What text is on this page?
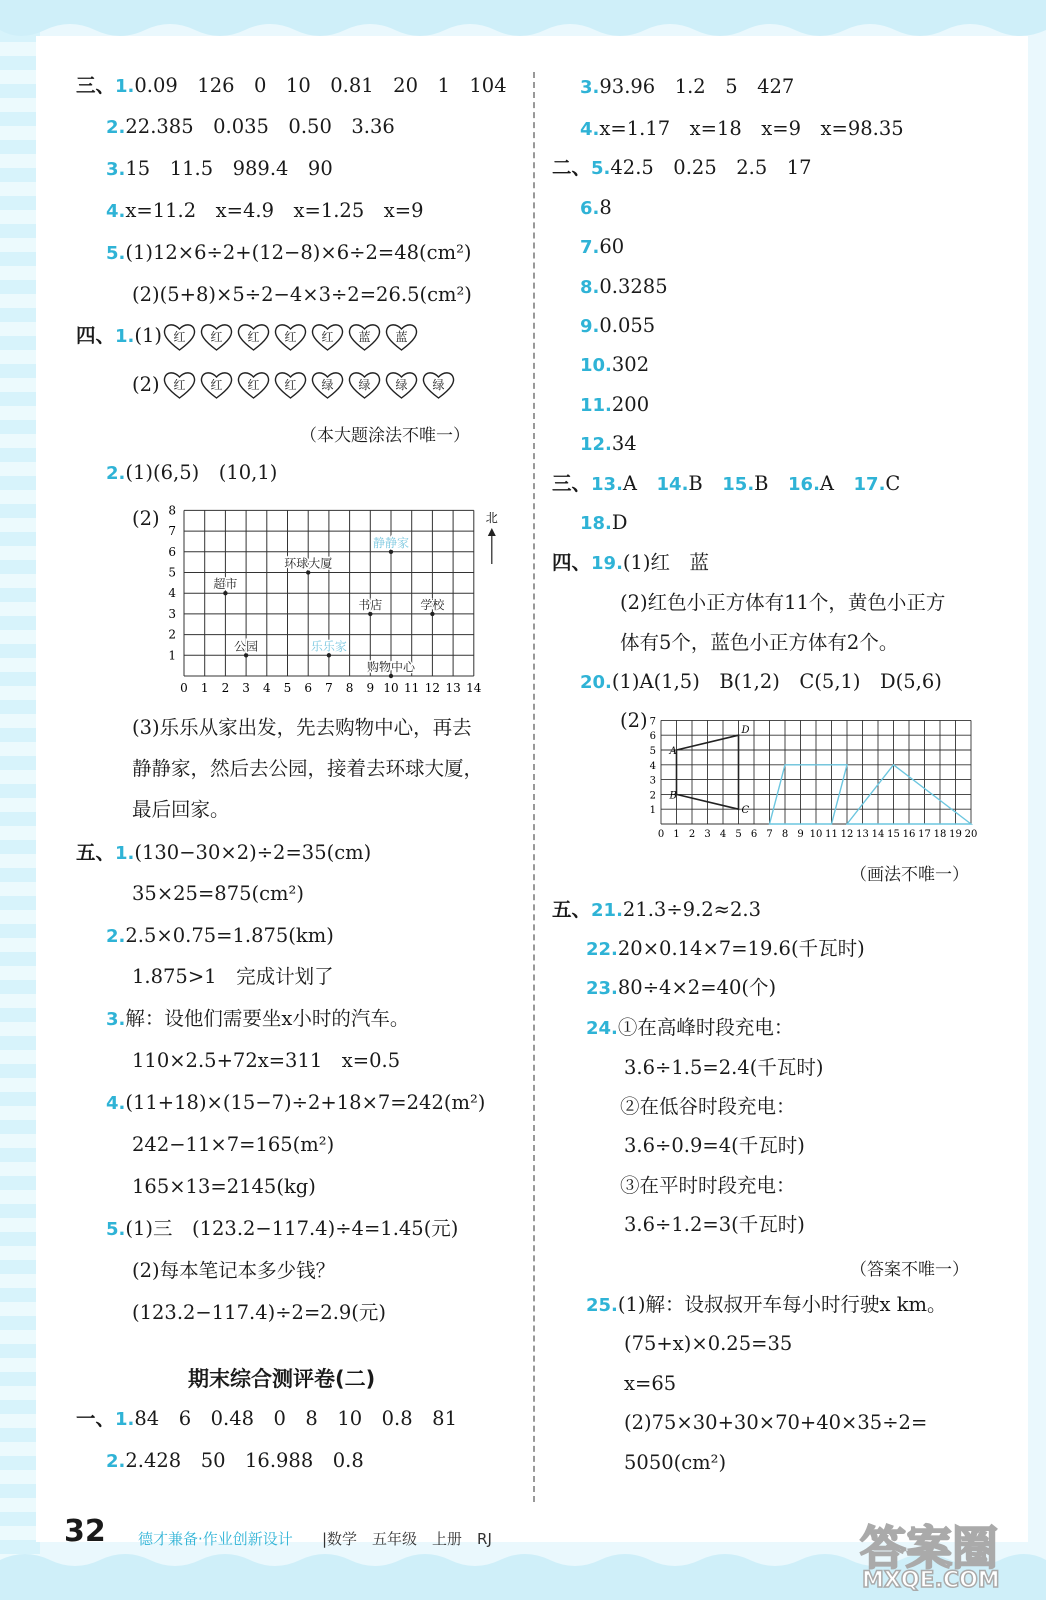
三、1.0.09　126　0　10　0.81　20　1　104
2.22.385　0.035　0.50　3.36
3.15　11.5　989.4　90
4.x=11.2　x=4.9　x=1.25　x=9
5.(1)12×6÷2+(12−8)×6÷2=48(cm²)
(2)(5+8)×5÷2−4×3÷2=26.5(cm²)
四、1.(1) 红	红	红	红	红	蓝	蓝
(2)	红	红	红	红	绿	绿	绿	绿
（本大题涂法不唯一）
2.(1)(6,5)　(10,1)
(2)
0 1 2 3 4 5 6 7 8 9 10 11 12 13 14
1
2
3
4
5
6
7
8
环球大厦
静静家
超市
书店	学校
公园	乐乐家
购物中心
北
(3)乐乐从家出发，先去购物中心，再去
静静家，然后去公园，接着去环球大厦，
最后回家。
五、1.(130−30×2)÷2=35(cm)
35×25=875(cm²)
2.2.5×0.75=1.875(km)
1.875>1　完成计划了
3.解：设他们需要坐x小时的汽车。
110×2.5+72x=311　x=0.5
4.(11+18)×(15−7)÷2+18×7=242(m²)
242−11×7=165(m²)
165×13=2145(kg)
5.(1)三　(123.2−117.4)÷4=1.45(元)
(2)每本笔记本多少钱？
(123.2−117.4)÷2=2.9(元)
期末综合测评卷(二)
一、1.84　6　0.48　0　8　10　0.8　81
2.2.428　50　16.988　0.8
3.93.96　1.2　5　427
4.x=1.17　x=18　x=9　x=98.35
二、5.42.5　0.25　2.5　17
6.8
7.60
8.0.3285
9.0.055
10.302
11.200
12.34
三、13.A　 14.B　 15.B　 16.A　 17.C
18.D
四、19.(1)红　蓝
(2)红色小正方体有11个，黄色小正方
体有5个，蓝色小正方体有2个。
20.(1)A(1,5)　B(1,2)　C(5,1)　D(5,6)
(2)
0 1 2 3 4 5 6 7 8 9 10 11 12 13 14 15 16 17 18 19 20
1
2
3
4
5
6
7
A
B
C
D
（画法不唯一）
五、21.21.3÷9.2≈2.3
22.20×0.14×7=19.6(千瓦时)
23.80÷4×2=40(个)
24.①在高峰时段充电：
3.6÷1.5=2.4(千瓦时)
②在低谷时段充电：
3.6÷0.9=4(千瓦时)
③在平时时段充电：
3.6÷1.2=3(千瓦时)
（答案不唯一）
25.(1)解：设叔叔开车每小时行驶x km。
(75+x)×0.25=35
x=65
(2)75×30+30×70+40×35÷2=
5050(cm²)
32 德才兼备·作业创新设计 |数学　五年级　上册　RJ	答案圈
MXQE.COM
